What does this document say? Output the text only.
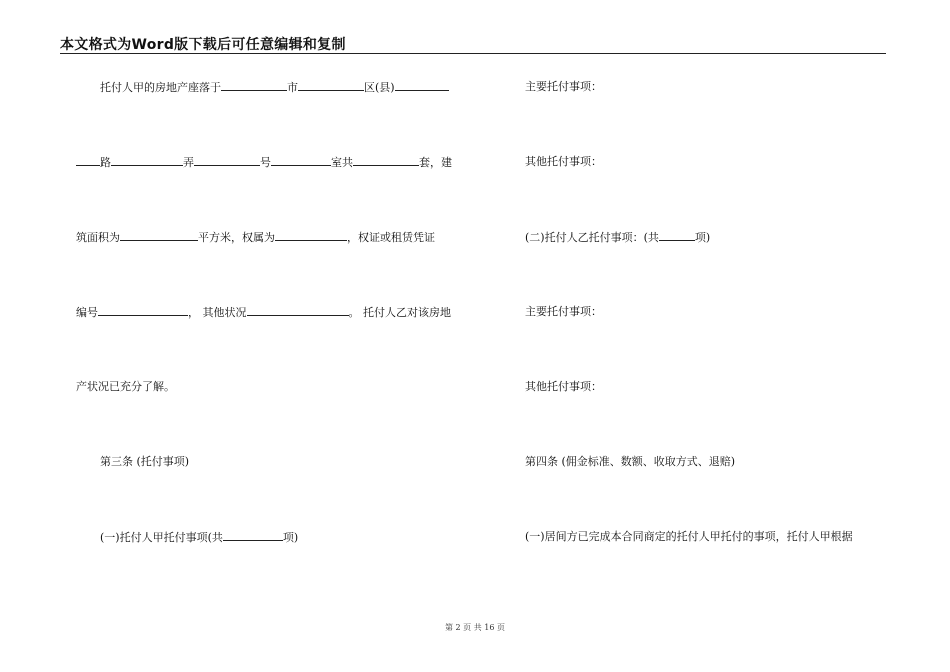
本文格式为Word版下载后可任意编辑和复制
托付人甲的房地产座落于	市	区(县)
路	弄	号	室共	套，建
筑面积为	平方米，权属为	，权证或租赁凭证
编号	， 其他状况	。 托付人乙对该房地
产状况已充分了解。
第三条 (托付事项)
(一)托付人甲托付事项(共	项)
主要托付事项：
其他托付事项：
(二)托付人乙托付事项：(共	项)
主要托付事项：
其他托付事项：
第四条 (佣金标准、数额、收取方式、退赔)
(一)居间方已完成本合同商定的托付人甲托付的事项，托付人甲根据
第 2 页 共 16 页
